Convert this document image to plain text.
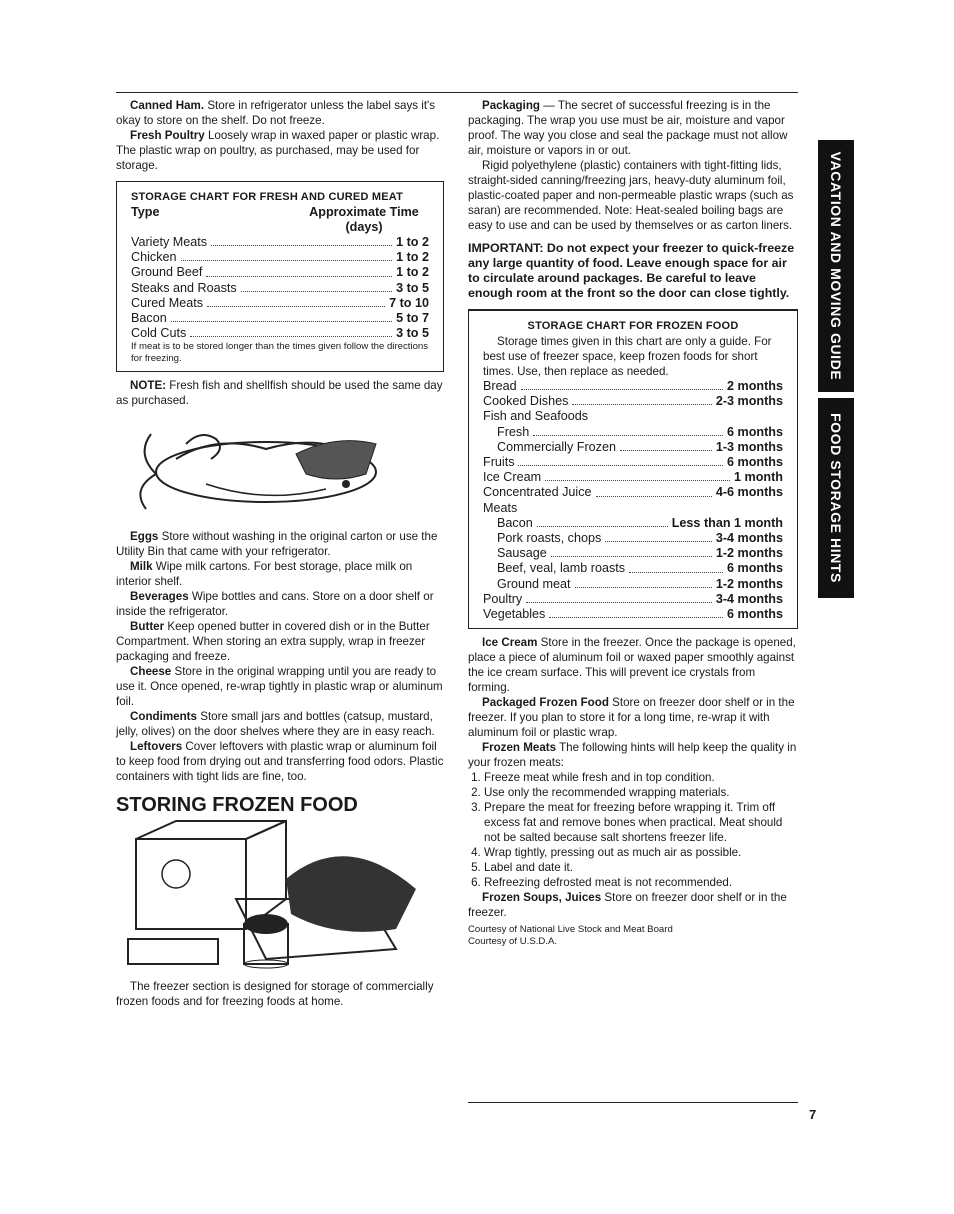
Canned Ham. Store in refrigerator unless the label says it's okay to store on the shelf. Do not freeze.

Fresh Poultry Loosely wrap in waxed paper or plastic wrap. The plastic wrap on poultry, as purchased, may be used for storage.

STORAGE CHART FOR FRESH AND CURED MEAT
Type	Approximate Time (days)
Variety Meats	1 to 2
Chicken	1 to 2
Ground Beef	1 to 2
Steaks and Roasts	3 to 5
Cured Meats	7 to 10
Bacon	5 to 7
Cold Cuts	3 to 5
If meat is to be stored longer than the times given follow the directions for freezing.

NOTE: Fresh fish and shellfish should be used the same day as purchased.

Eggs Store without washing in the original carton or use the Utility Bin that came with your refrigerator.

Milk Wipe milk cartons. For best storage, place milk on interior shelf.

Beverages Wipe bottles and cans. Store on a door shelf or inside the refrigerator.

Butter Keep opened butter in covered dish or in the Butter Compartment. When storing an extra supply, wrap in freezer packaging and freeze.

Cheese Store in the original wrapping until you are ready to use it. Once opened, re-wrap tightly in plastic wrap or aluminum foil.

Condiments Store small jars and bottles (catsup, mustard, jelly, olives) on the door shelves where they are in easy reach.

Leftovers Cover leftovers with plastic wrap or aluminum foil to keep food from drying out and transferring food odors. Plastic containers with tight lids are fine, too.

STORING FROZEN FOOD

The freezer section is designed for storage of commercially frozen foods and for freezing foods at home.

Packaging — The secret of successful freezing is in the packaging. The wrap you use must be air, moisture and vapor proof. The way you close and seal the package must not allow air, moisture or vapors in or out.

Rigid polyethylene (plastic) containers with tight-fitting lids, straight-sided canning/freezing jars, heavy-duty aluminum foil, plastic-coated paper and non-permeable plastic wraps (such as saran) are recommended. Note: Heat-sealed boiling bags are easy to use and can be used by themselves or as carton liners.

IMPORTANT: Do not expect your freezer to quick-freeze any large quantity of food. Leave enough space for air to circulate around packages. Be careful to leave enough room at the front so the door can close tightly.

STORAGE CHART FOR FROZEN FOOD
Storage times given in this chart are only a guide. For best use of freezer space, keep frozen foods for short times. Use, then replace as needed.
Bread	2 months
Cooked Dishes	2-3 months
Fish and Seafoods
Fresh	6 months
Commercially Frozen	1-3 months
Fruits	6 months
Ice Cream	1 month
Concentrated Juice	4-6 months
Meats
Bacon	Less than 1 month
Pork roasts, chops	3-4 months
Sausage	1-2 months
Beef, veal, lamb roasts	6 months
Ground meat	1-2 months
Poultry	3-4 months
Vegetables	6 months

Ice Cream Store in the freezer. Once the package is opened, place a piece of aluminum foil or waxed paper smoothly against the ice cream surface. This will prevent ice crystals from forming.

Packaged Frozen Food Store on freezer door shelf or in the freezer. If you plan to store it for a long time, re-wrap it with aluminum foil or plastic wrap.

Frozen Meats The following hints will help keep the quality in your frozen meats:

1. Freeze meat while fresh and in top condition.
2. Use only the recommended wrapping materials.
3. Prepare the meat for freezing before wrapping it. Trim off excess fat and remove bones when practical. Meat should not be salted because salt shortens freezer life.
4. Wrap tightly, pressing out as much air as possible.
5. Label and date it.
6. Refreezing defrosted meat is not recommended.

Frozen Soups, Juices Store on freezer door shelf or in the freezer.

Courtesy of National Live Stock and Meat Board
Courtesy of U.S.D.A.
VACATION AND MOVING GUIDE
FOOD STORAGE HINTS
7
